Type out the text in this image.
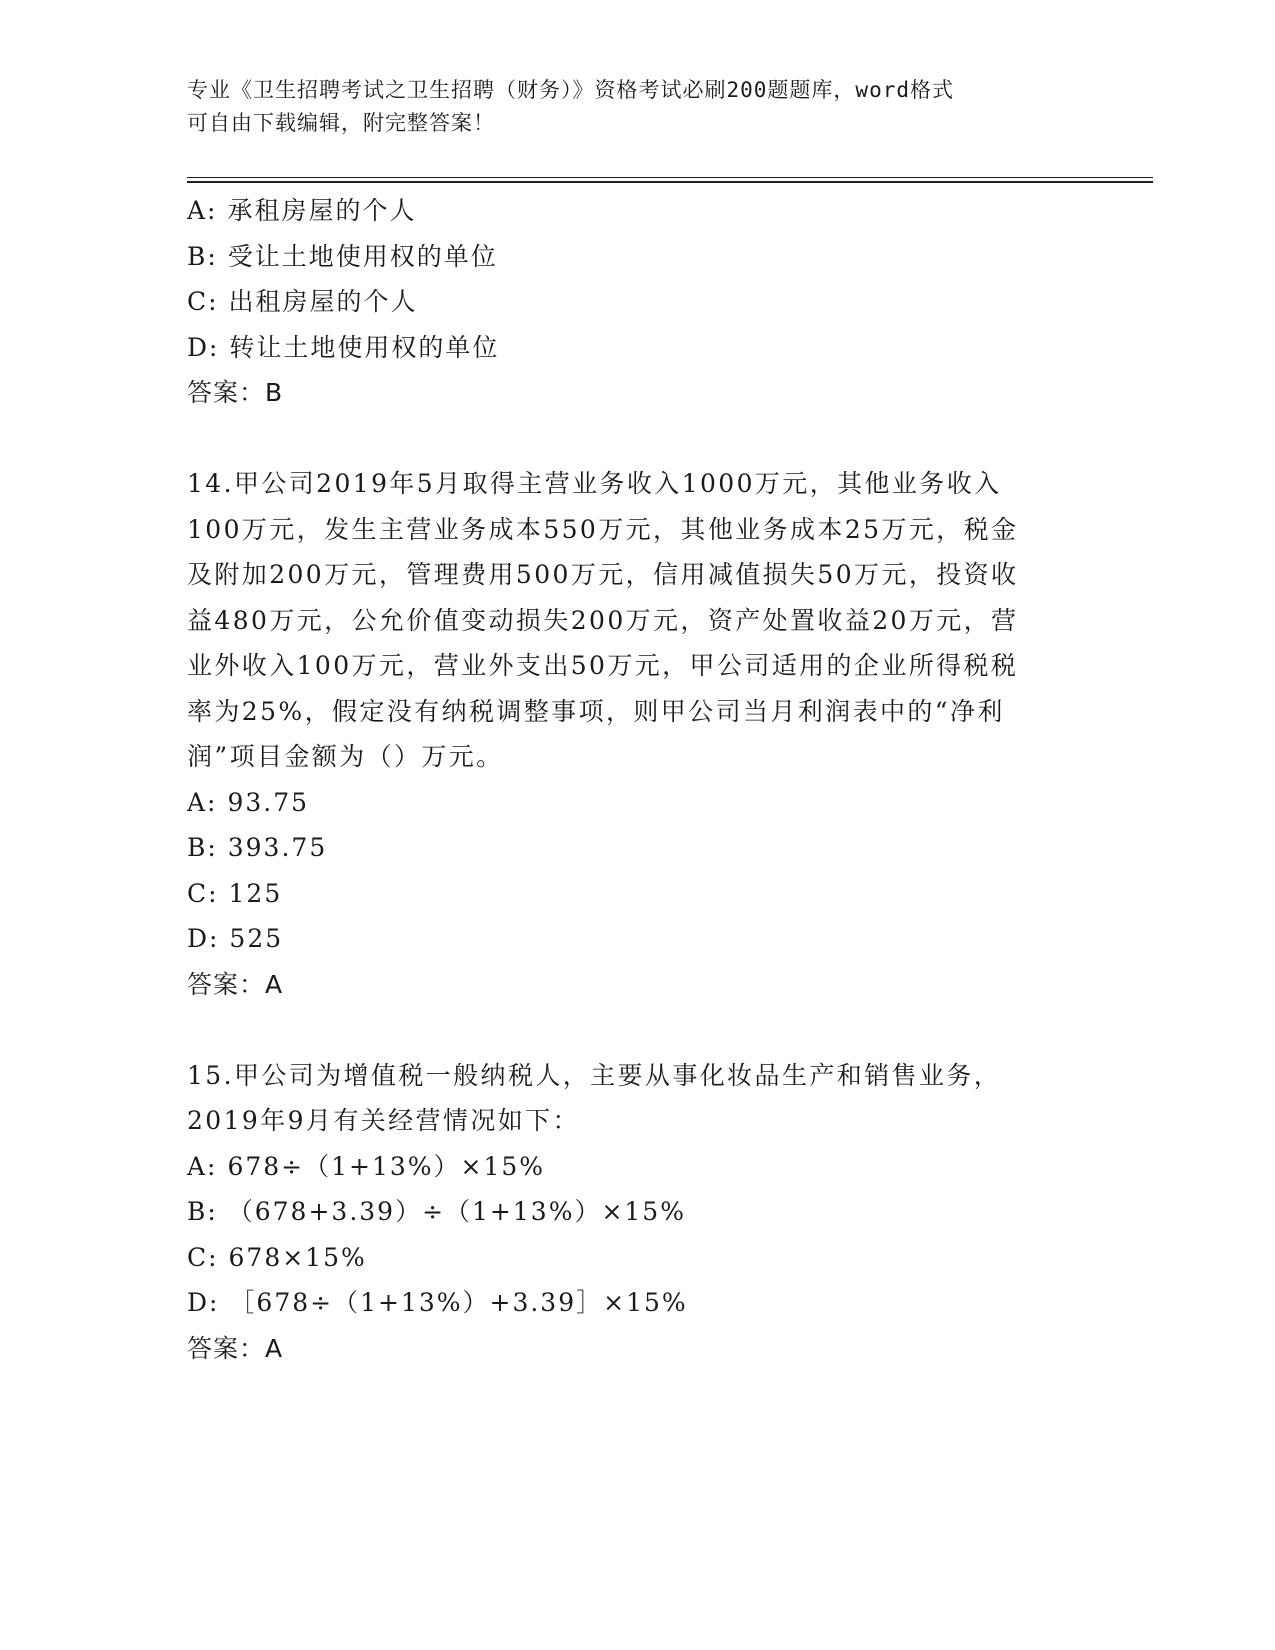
专业《卫生招聘考试之卫生招聘（财务）》资格考试必刷200题题库，word格式
可自由下载编辑，附完整答案！
A: 承租房屋的个人
B: 受让土地使用权的单位
C: 出租房屋的个人
D: 转让土地使用权的单位
答案：B
14.甲公司2019年5月取得主营业务收入1000万元，其他业务收入
100万元，发生主营业务成本550万元，其他业务成本25万元，税金
及附加200万元，管理费用500万元，信用减值损失50万元，投资收
益480万元，公允价值变动损失200万元，资产处置收益20万元，营
业外收入100万元，营业外支出50万元，甲公司适用的企业所得税税
率为25%，假定没有纳税调整事项，则甲公司当月利润表中的“净利
润”项目金额为（）万元。
A: 93.75
B: 393.75
C: 125
D: 525
答案：A
15.甲公司为增值税一般纳税人，主要从事化妆品生产和销售业务，
2019年9月有关经营情况如下：
A: 678÷（1+13%）×15%
B: （678+3.39）÷（1+13%）×15%
C: 678×15%
D: ［678÷（1+13%）+3.39］×15%
答案：A
